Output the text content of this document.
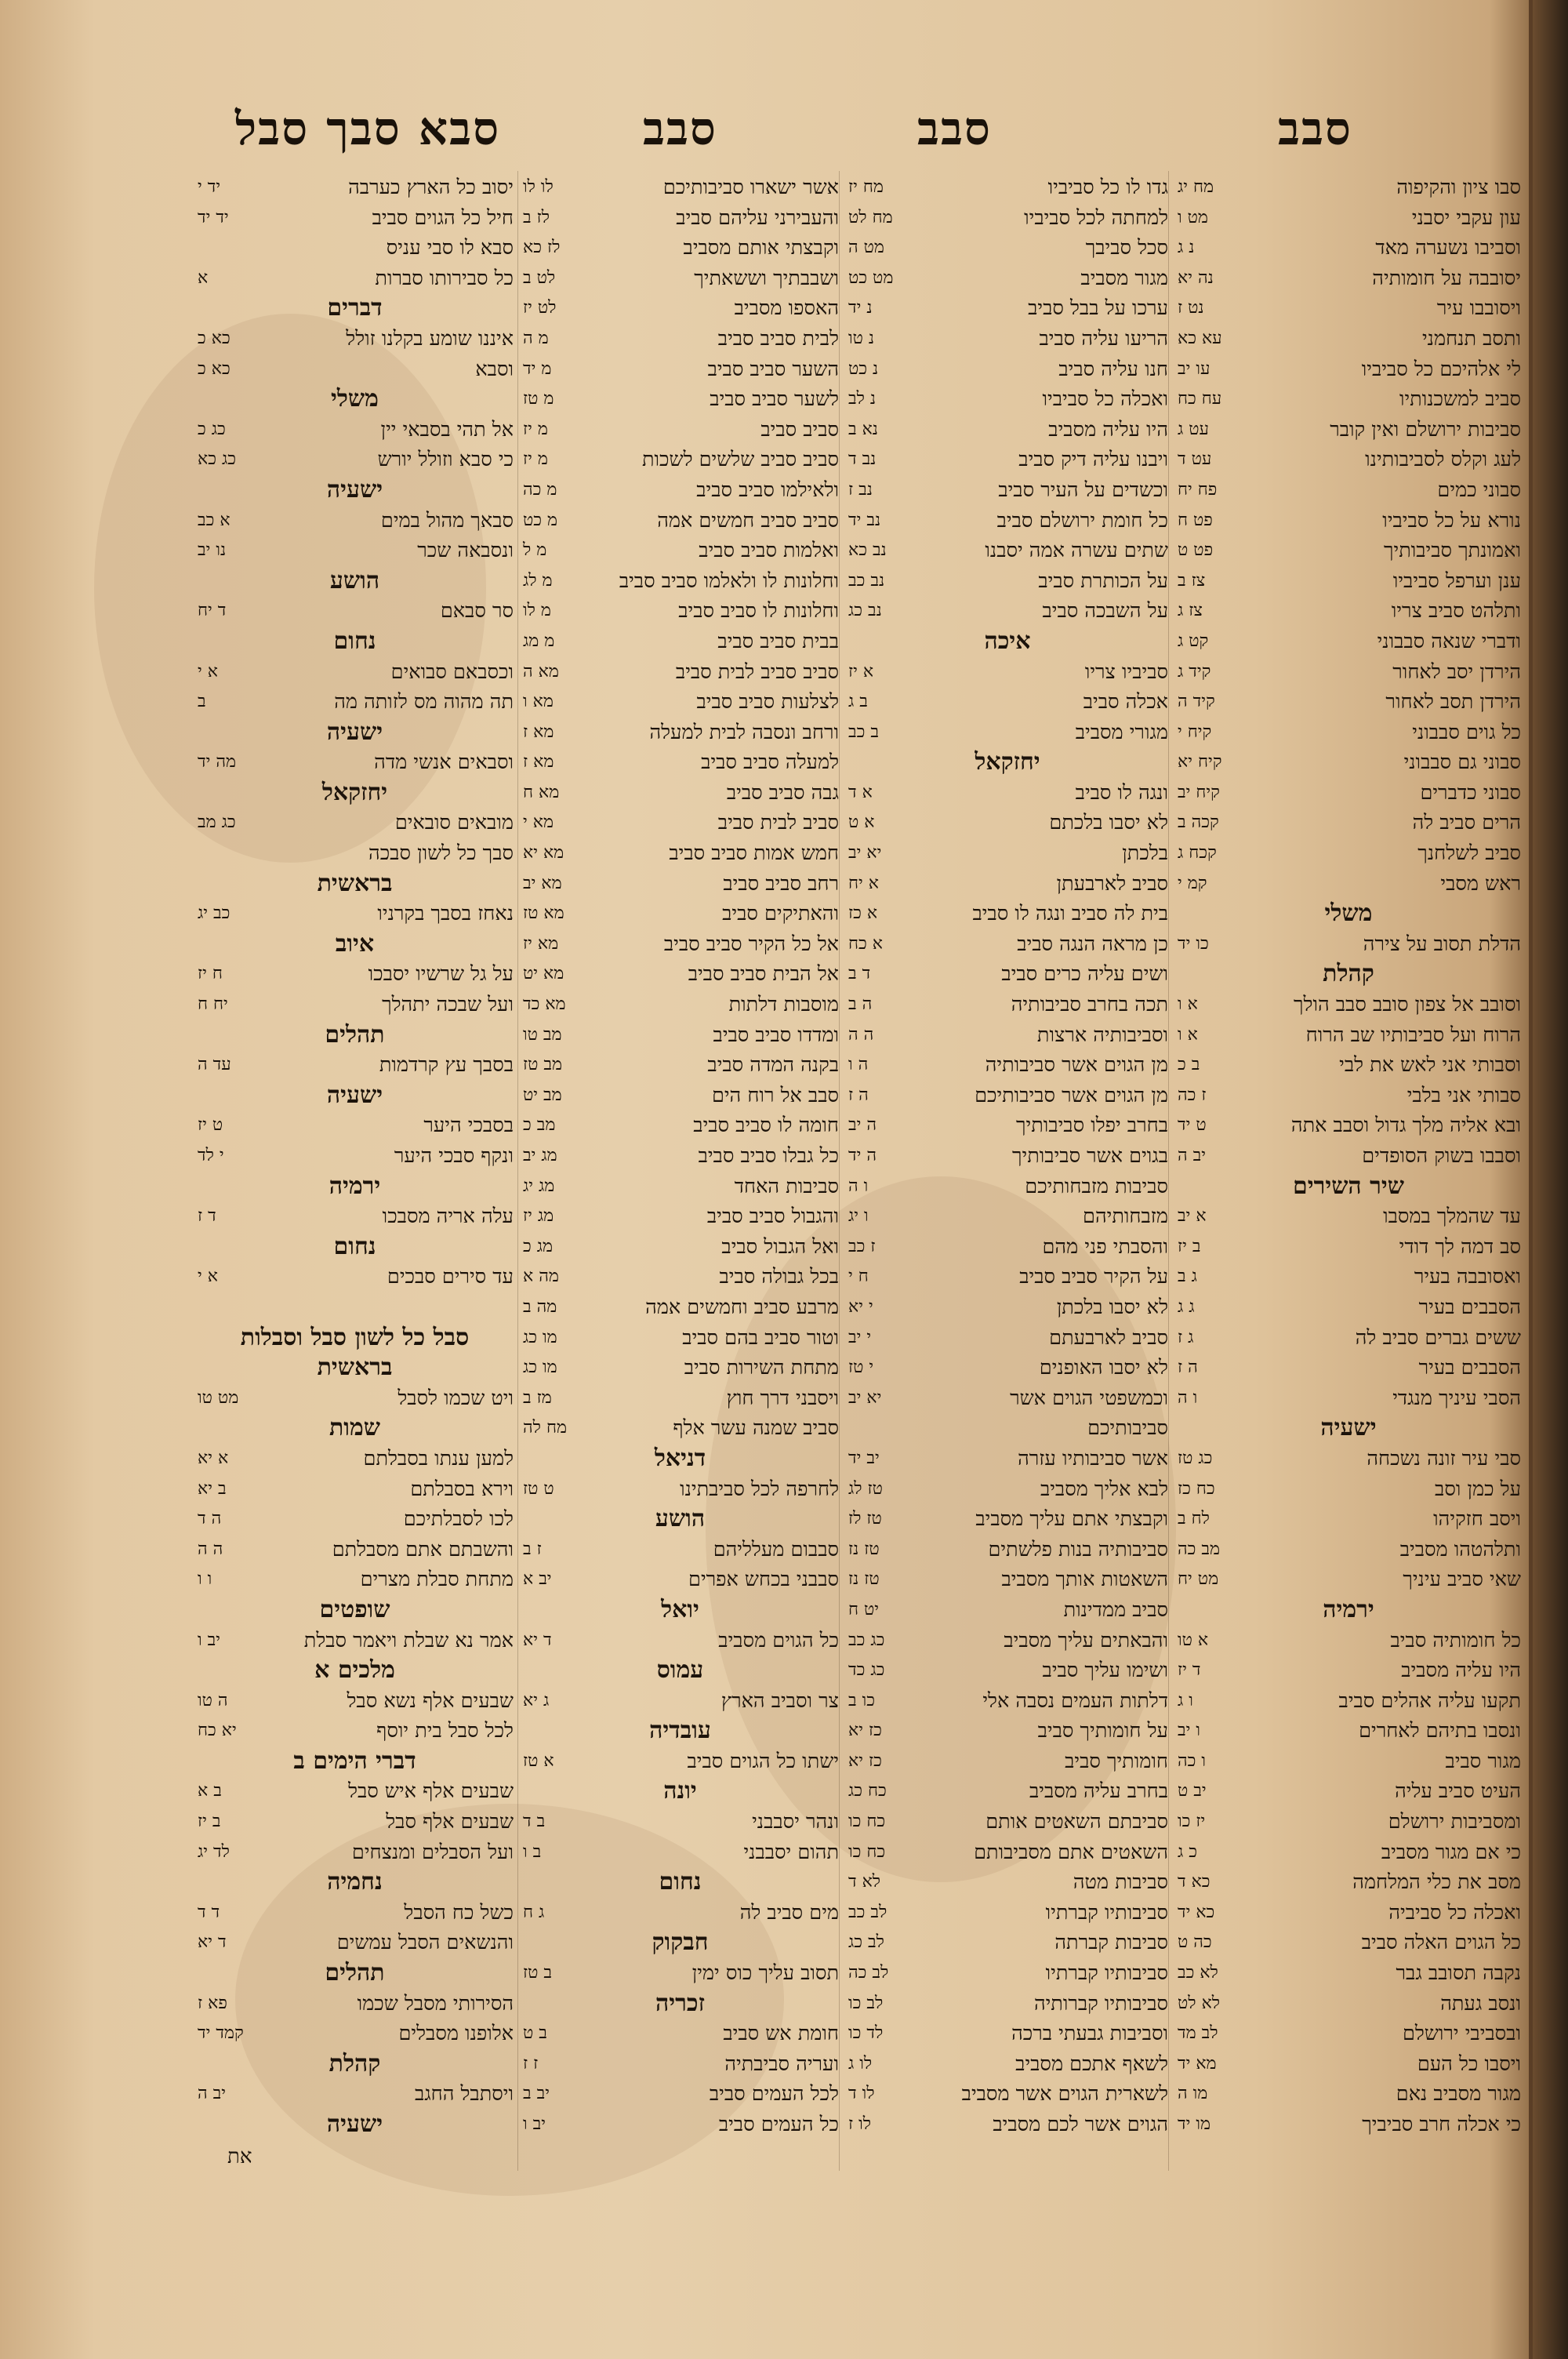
סבב
סבב
סבב
סבא סבך סבל
סבו ציון והקיפוה
מח יג
עון עקבי יסבני
מט ו
וסביבו נשערה מאד
נ ג
יסובבה על חומותיה
נה יא
ויסובבו עיר
נט ז
ותסב תנחמני
עא כא
לי אלהיכם כל סביביו
עו יב
סביב למשכנותיו
עח כח
סביבות ירושלם ואין קובר
עט ג
לעג וקלס לסביבותינו
עט ד
סבוני כמים
פח יח
נורא על כל סביביו
פט ח
ואמונתך סביבותיך
פט ט
ענן וערפל סביביו
צז ב
ותלהט סביב צריו
צז ג
ודברי שנאה סבבוני
קט ג
הירדן יסב לאחור
קיד ג
הירדן תסב לאחור
קיד ה
כל גוים סבבוני
קיח י
סבוני גם סבבוני
קיח יא
סבוני כדברים
קיח יב
הרים סביב לה
קכה ב
סביב לשלחנך
קכח ג
ראש מסבי
קמ י
משלי
הדלת תסוב על צירה
כו יד
קהלת
וסובב אל צפון סובב סבב הולך
א ו
הרוח ועל סביבותיו שב הרוח
א ו
וסבותי אני לאש את לבי
ב כ
סבותי אני בלבי
ז כה
ובא אליה מלך גדול וסבב אתה
ט יד
וסבבו בשוק הסופדים
יב ה
שיר השירים
עד שהמלך במסבו
א יב
סב דמה לך דודי
ב יז
ואסובבה בעיר
ג ב
הסבבים בעיר
ג ג
ששים גברים סביב לה
ג ז
הסבבים בעיר
ה ז
הסבי עיניך מנגדי
ו ה
ישעיה
סבי עיר זונה נשכחה
כג טז
על כמן וסב
כח כז
ויסב חזקיהו
לח ב
ותלהטהו מסביב
מב כה
שאי סביב עיניך
מט יח
ירמיה
כל חומותיה סביב
א טו
היו עליה מסביב
ד יז
תקעו עליה אהלים סביב
ו ג
ונסבו בתיהם לאחרים
ו יב
מגור סביב
ו כה
העיט סביב עליה
יב ט
ומסביבות ירושלם
יז כו
כי אם מגור מסביב
כ ג
מסב את כלי המלחמה
כא ד
ואכלה כל סביביה
כא יד
כל הגוים האלה סביב
כה ט
נקבה תסובב גבר
לא כב
ונסב געתה
לא לט
ובסביבי ירושלם
לב מד
ויסבו כל העם
מא יד
מגור מסביב נאם
מו ה
כי אכלה חרב סביביך
מו יד
גדו לו כל סביביו
מח יז
למחתה לכל סביביו
מח לט
סכל סביבך
מט ה
מגור מסביב
מט כט
ערכו על בבל סביב
נ יד
הריעו עליה סביב
נ טו
חנו עליה סביב
נ כט
ואכלה כל סביביו
נ לב
היו עליה מסביב
נא ב
ויבנו עליה דיק סביב
נב ד
וכשדים על העיר סביב
נב ז
כל חומת ירושלם סביב
נב יד
שתים עשרה אמה יסבנו
נב כא
על הכותרת סביב
נב כב
על השבכה סביב
נב כג
איכה
סביביו צריו
א יז
אכלה סביב
ב ג
מגורי מסביב
ב כב
יחזקאל
ונגה לו סביב
א ד
לא יסבו בלכתם
א ט
בלכתן
יא יב
סביב לארבעתן
א יח
בית לה סביב ונגה לו סביב
א כז
כן מראה הנגה סביב
א כח
ושים עליה כרים סביב
ד ב
תכה בחרב סביבותיה
ה ב
וסביבותיה ארצות
ה ה
מן הגוים אשר סביבותיה
ה ו
מן הגוים אשר סביבותיכם
ה ז
בחרב יפלו סביבותיך
ה יב
בגוים אשר סביבותיך
ה יד
סביבות מזבחותיכם
ו ה
מזבחותיהם
ו יג
והסבתי פני מהם
ז כב
על הקיר סביב סביב
ח י
לא יסבו בלכתן
י יא
סביב לארבעתם
י יב
לא יסבו האופנים
י טז
וכמשפטי הגוים אשר
יא יב
סביבותיכם
אשר סביבותיו עזרה
יב יד
לבא אליך מסביב
טז לג
וקבצתי אתם עליך מסביב
טז לז
סביבותיה בנות פלשתים
טז נז
השאטות אותך מסביב
טז נז
סביב ממדינות
יט ח
והבאתים עליך מסביב
כג כב
ושימו עליך סביב
כג כד
דלתות העמים נסבה אלי
כו ב
על חומותיך סביב
כז יא
חומותיך סביב
כז יא
בחרב עליה מסביב
כח כג
סביבתם השאטים אותם
כח כו
השאטים אתם מסביבותם
כח כו
סביבות מטה
לא ד
סביבותיו קברתיו
לב כב
סביבות קברתה
לב כג
סביבותיו קברתיו
לב כה
סביבותיו קברותיה
לב כו
וסביבות גבעתי ברכה
לד כו
לשאף אתכם מסביב
לו ג
לשארית הגוים אשר מסביב
לו ד
הגוים אשר לכם מסביב
לו ז
אשר ישארו סביבותיכם
לו לו
והעבירני עליהם סביב
לז ב
וקבצתי אותם מסביב
לז כא
ושבבתיך וששאתיך
לט ב
האספו מסביב
לט יז
לבית סביב סביב
מ ה
השער סביב סביב
מ יד
לשער סביב סביב
מ טז
סביב סביב
מ יז
סביב סביב שלשים לשכות
מ יז
ולאילמו סביב סביב
מ כה
סביב סביב חמשים אמה
מ כט
ואלמות סביב סביב
מ ל
וחלונות לו ולאלמו סביב סביב
מ לג
וחלונות לו סביב סביב
מ לו
בבית סביב סביב
מ מג
סביב סביב לבית סביב
מא ה
לצלעות סביב סביב
מא ו
ורחב ונסבה לבית למעלה
מא ז
למעלה סביב סביב
מא ז
גבה סביב סביב
מא ח
סביב לבית סביב
מא י
חמש אמות סביב סביב
מא יא
רחב סביב סביב
מא יב
והאתיקים סביב
מא טז
אל כל הקיר סביב סביב
מא יז
אל הבית סביב סביב
מא יט
מוסבות דלתות
מא כד
ומדדו סביב סביב
מב טו
בקנה המדה סביב
מב טז
סבב אל רוח הים
מב יט
חומה לו סביב סביב
מב כ
כל גבלו סביב סביב
מג יב
סביבות האחד
מג יג
והגבול סביב סביב
מג יז
ואל הגבול סביב
מג כ
בכל גבולה סביב
מה א
מרבע סביב וחמשים אמה
מה ב
וטור סביב בהם סביב
מו כג
מתחת השירות סביב
מו כג
ויסבני דרך חוץ
מז ב
סביב שמנה עשר אלף
מח לה
דניאל
לחרפה לכל סביבתינו
ט טז
הושע
סבבום מעלליהם
ז ב
סבבני בכחש אפרים
יב א
יואל
כל הגוים מסביב
ד יא
עמוס
צר וסביב הארץ
ג יא
עובדיה
ישתו כל הגוים סביב
א טז
יונה
ונהר יסבבני
ב ד
תהום יסבבני
ב ו
נחום
מים סביב לה
ג ח
חבקוק
תסוב עליך כוס ימין
ב טז
זכריה
חומת אש סביב
ב ט
ועריה סביבתיה
ז ז
לכל העמים סביב
יב ב
כל העמים סביב
יב ו
יסוב כל הארץ כערבה
יד י
חיל כל הגוים סביב
יד יד
סבא לו סבי עניס
כל סבירותו סברות
א
דברים
איננו שומע בקלנו זולל
כא כ
וסבא
כא כ
משלי
אל תהי בסבאי יין
כג כ
כי סבא וזולל יורש
כג כא
ישעיה
סבאך מהול במים
א כב
ונסבאה שכר
נו יב
הושע
סר סבאם
ד יח
נחום
וכסבאם סבואים
א י
תה מהוה מס לזותה מה
ב
ישעיה
וסבאים אנשי מדה
מה יד
יחזקאל
מובאים סובאים
כג מב
סבך כל לשון סבכה
בראשית
נאחז בסבך בקרניו
כב יג
איוב
על גל שרשיו יסבכו
ח יז
ועל שבכה יתהלך
יח ח
תהלים
בסבך עץ קרדמות
עד ה
ישעיה
בסבכי היער
ט יז
ונקף סבכי היער
י לד
ירמיה
עלה אריה מסבכו
ד ז
נחום
עד סירים סבכים
א י
סבל כל לשון סבל וסבלות
בראשית
ויט שכמו לסבל
מט טו
שמות
למען ענתו בסבלתם
א יא
וירא בסבלתם
ב יא
לכו לסבלתיכם
ה ד
והשבתם אתם מסבלתם
ה ה
מתחת סבלת מצרים
ו ו
שופטים
אמר נא שבלת ויאמר סבלת
יב ו
מלכים א
שבעים אלף נשא סבל
ה טו
לכל סבל בית יוסף
יא כח
דברי הימים ב
שבעים אלף איש סבל
ב א
שבעים אלף סבל
ב יז
ועל הסבלים ומנצחים
לד יג
נחמיה
כשל כח הסבל
ד ד
והנשאים הסבל עמשים
ד יא
תהלים
הסירותי מסבל שכמו
פא ז
אלופנו מסבלים
קמד יד
קהלת
ויסתבל החגב
יב ה
ישעיה
את
